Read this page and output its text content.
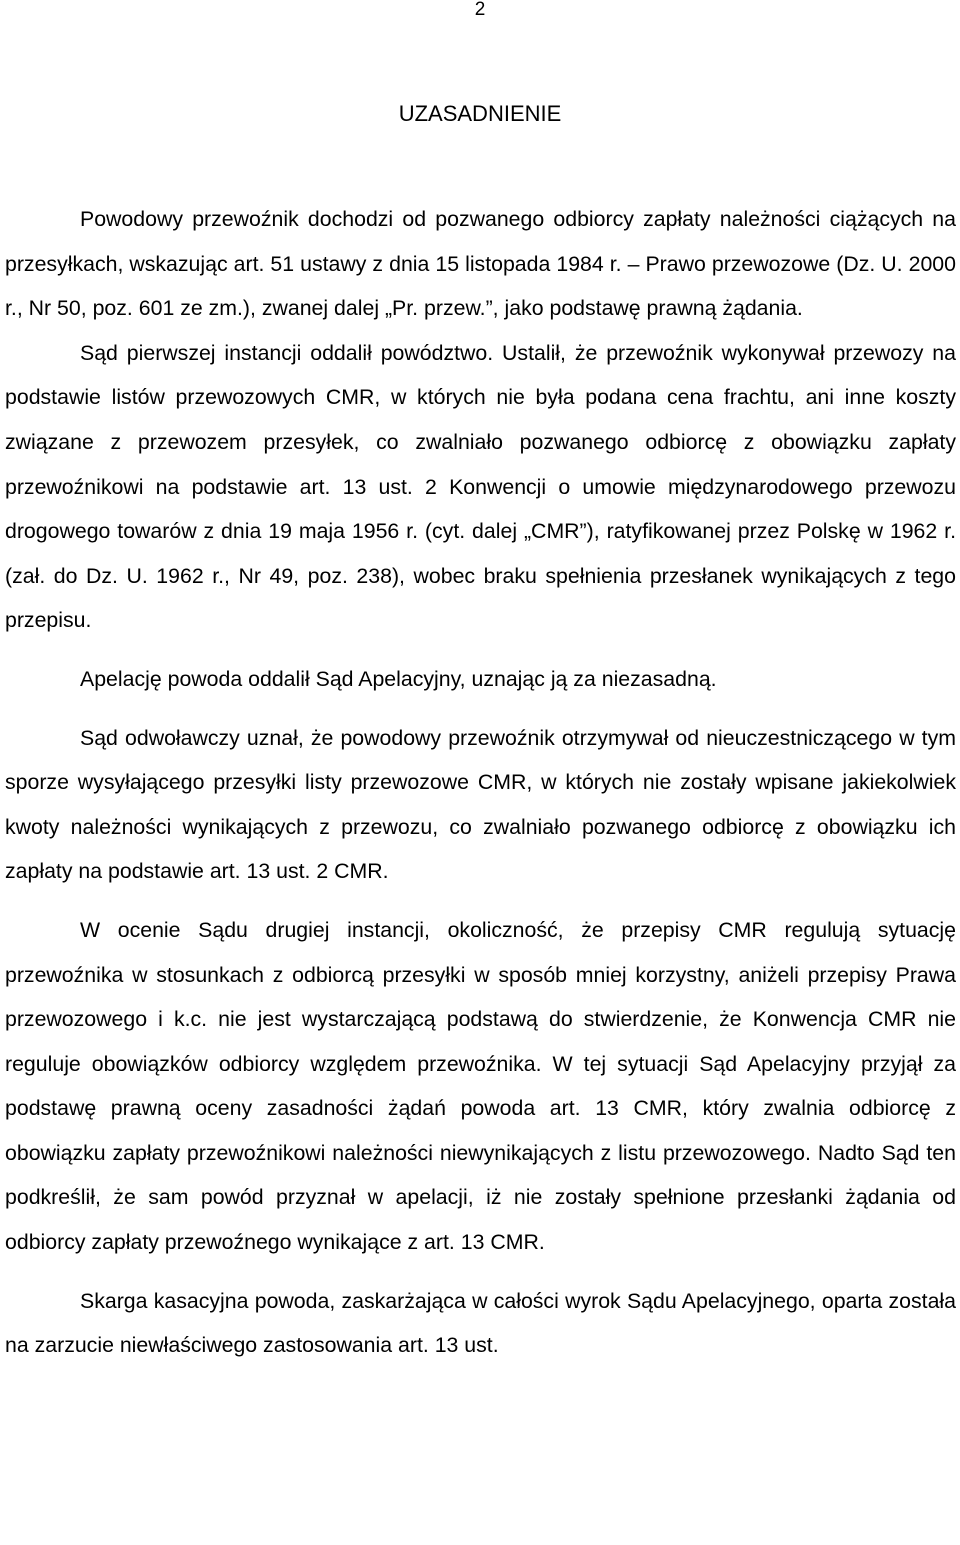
2
UZASADNIENIE

Powodowy przewoźnik dochodzi od pozwanego odbiorcy zapłaty należności ciążących na przesyłkach, wskazując art. 51 ustawy z dnia 15 listopada 1984 r. – Prawo przewozowe (Dz. U. 2000 r., Nr 50, poz. 601 ze zm.), zwanej dalej „Pr. przew.”, jako podstawę prawną żądania.

Sąd pierwszej instancji oddalił powództwo. Ustalił, że przewoźnik wykonywał przewozy na podstawie listów przewozowych CMR, w których nie była podana cena frachtu, ani inne koszty związane z przewozem przesyłek, co zwalniało pozwanego odbiorcę z obowiązku zapłaty przewoźnikowi na podstawie art. 13 ust. 2 Konwencji o umowie międzynarodowego przewozu drogowego towarów z dnia 19 maja 1956 r. (cyt. dalej „CMR”), ratyfikowanej przez Polskę w 1962 r. (zał. do Dz. U. 1962 r., Nr 49, poz. 238), wobec braku spełnienia przesłanek wynikających z tego przepisu.

Apelację powoda oddalił Sąd Apelacyjny, uznając ją za niezasadną.

Sąd odwoławczy uznał, że powodowy przewoźnik otrzymywał od nieuczestniczącego w tym sporze wysyłającego przesyłki listy przewozowe CMR, w których nie zostały wpisane jakiekolwiek kwoty należności wynikających z przewozu, co zwalniało pozwanego odbiorcę z obowiązku ich zapłaty na podstawie art. 13 ust. 2 CMR.

W ocenie Sądu drugiej instancji, okoliczność, że przepisy CMR regulują sytuację przewoźnika w stosunkach z odbiorcą przesyłki w sposób mniej korzystny, aniżeli przepisy Prawa przewozowego i k.c. nie jest wystarczającą podstawą do stwierdzenie, że Konwencja CMR nie reguluje obowiązków odbiorcy względem przewoźnika. W tej sytuacji Sąd Apelacyjny przyjął za podstawę prawną oceny zasadności żądań powoda art. 13 CMR, który zwalnia odbiorcę z obowiązku zapłaty przewoźnikowi należności niewynikających z listu przewozowego. Nadto Sąd ten podkreślił, że sam powód przyznał w apelacji, iż nie zostały spełnione przesłanki żądania od odbiorcy zapłaty przewoźnego wynikające z art. 13 CMR.

Skarga kasacyjna powoda, zaskarżająca w całości wyrok Sądu Apelacyjnego, oparta została na zarzucie niewłaściwego zastosowania art. 13 ust.
